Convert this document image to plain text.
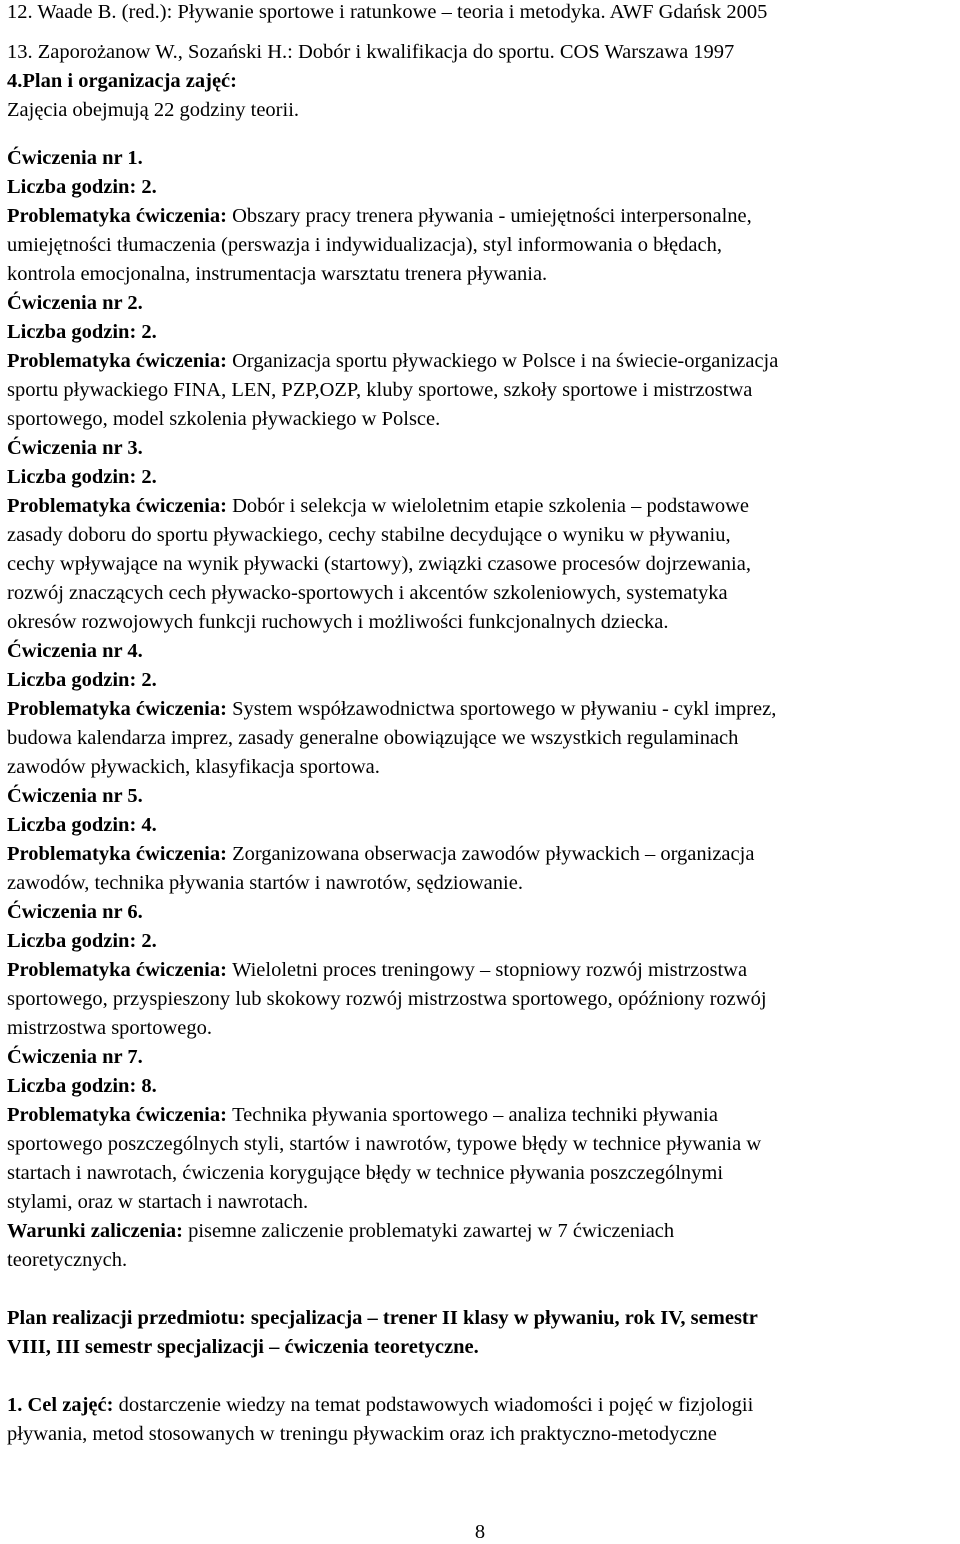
12. Waade B. (red.): Pływanie sportowe i ratunkowe – teoria i metodyka. AWF Gdańsk 2005
13. Zaporożanow W., Sozański H.: Dobór i kwalifikacja do sportu. COS Warszawa 1997
4.Plan i organizacja zajęć:
Zajęcia obejmują 22 godziny teorii.
Ćwiczenia nr 1.
Liczba godzin: 2.
Problematyka ćwiczenia: Obszary pracy trenera pływania - umiejętności interpersonalne,
umiejętności tłumaczenia (perswazja i indywidualizacja), styl informowania o błędach,
kontrola emocjonalna, instrumentacja warsztatu trenera pływania.
Ćwiczenia nr 2.
Liczba godzin: 2.
Problematyka ćwiczenia: Organizacja sportu pływackiego w Polsce i na świecie-organizacja
sportu pływackiego FINA, LEN, PZP,OZP, kluby sportowe, szkoły sportowe i mistrzostwa
sportowego, model szkolenia pływackiego w Polsce.
Ćwiczenia nr 3.
Liczba godzin: 2.
Problematyka ćwiczenia: Dobór i selekcja w wieloletnim etapie szkolenia – podstawowe
zasady doboru do sportu pływackiego, cechy stabilne decydujące o wyniku w pływaniu,
cechy wpływające na wynik pływacki (startowy), związki czasowe procesów dojrzewania,
rozwój znaczących cech pływacko-sportowych i akcentów szkoleniowych, systematyka
okresów rozwojowych funkcji ruchowych i możliwości funkcjonalnych dziecka.
Ćwiczenia nr 4.
Liczba godzin: 2.
Problematyka ćwiczenia: System współzawodnictwa sportowego w pływaniu - cykl imprez,
budowa kalendarza imprez, zasady generalne obowiązujące we wszystkich regulaminach
zawodów pływackich, klasyfikacja sportowa.
Ćwiczenia nr 5.
Liczba godzin: 4.
Problematyka ćwiczenia: Zorganizowana obserwacja zawodów pływackich – organizacja
zawodów, technika pływania startów i nawrotów, sędziowanie.
Ćwiczenia nr 6.
Liczba godzin: 2.
Problematyka ćwiczenia: Wieloletni proces treningowy – stopniowy rozwój mistrzostwa
sportowego, przyspieszony lub skokowy rozwój mistrzostwa sportowego, opóźniony rozwój
mistrzostwa sportowego.
Ćwiczenia nr 7.
Liczba godzin: 8.
Problematyka ćwiczenia: Technika pływania sportowego – analiza techniki pływania
sportowego poszczególnych styli, startów i nawrotów, typowe błędy w technice pływania w
startach i nawrotach, ćwiczenia korygujące błędy w technice pływania poszczególnymi
stylami, oraz w startach i nawrotach.
Warunki zaliczenia: pisemne zaliczenie problematyki zawartej w 7 ćwiczeniach
teoretycznych.
Plan realizacji przedmiotu: specjalizacja – trener II klasy w pływaniu, rok IV, semestr
VIII, III semestr specjalizacji – ćwiczenia teoretyczne.
1. Cel zajęć: dostarczenie wiedzy na temat podstawowych wiadomości i pojęć w fizjologii
pływania, metod stosowanych w treningu pływackim oraz ich praktyczno-metodyczne
8
